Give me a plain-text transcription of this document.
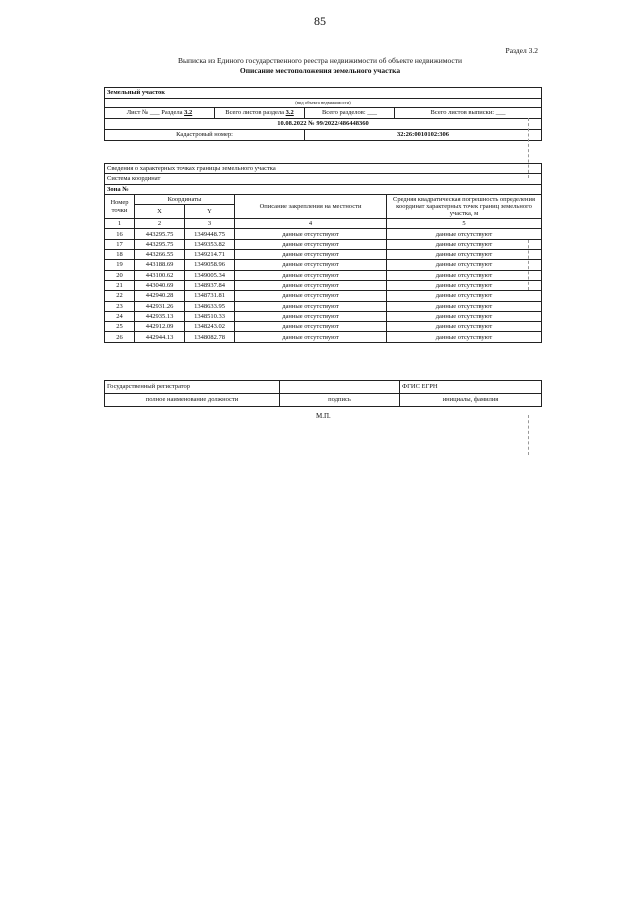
85
Раздел 3.2
Выписка из Единого государственного реестра недвижимости об объекте недвижимости
Описание местоположения земельного участка
Земельный участок			
(вид объекта недвижимости)			
Лист № ___ Раздела 3.2	Всего листов раздела 3.2	Всего разделов: ___	Всего листов выписки: ___
10.08.2022 № 99/2022/486448360			
Кадастровый номер:		32:26:0010102:306	
Сведения о характерных точках границы земельного участка				
Система координат				
Зона №				
Номер точки	Координаты		Описание закрепления на местности	Средняя квадратическая погрешность определения координат характерных точек границ земельного участка, м
	X	Y		
1	2	3	4	5
16	443295.75	1349448.75	данные отсутствуют	данные отсутствуют
17	443295.75	1349353.82	данные отсутствуют	данные отсутствуют
18	443266.55	1349214.71	данные отсутствуют	данные отсутствуют
19	443188.69	1349058.96	данные отсутствуют	данные отсутствуют
20	443100.62	1349005.34	данные отсутствуют	данные отсутствуют
21	443040.69	1348937.84	данные отсутствуют	данные отсутствуют
22	442940.28	1348731.81	данные отсутствуют	данные отсутствуют
23	442931.26	1348633.95	данные отсутствуют	данные отсутствуют
24	442935.13	1348510.33	данные отсутствуют	данные отсутствуют
25	442912.09	1348243.02	данные отсутствуют	данные отсутствуют
26	442944.13	1348082.78	данные отсутствуют	данные отсутствуют
Государственный регистратор		ФГИС ЕГРН
полное наименование должности	подпись	инициалы, фамилия
М.П.
